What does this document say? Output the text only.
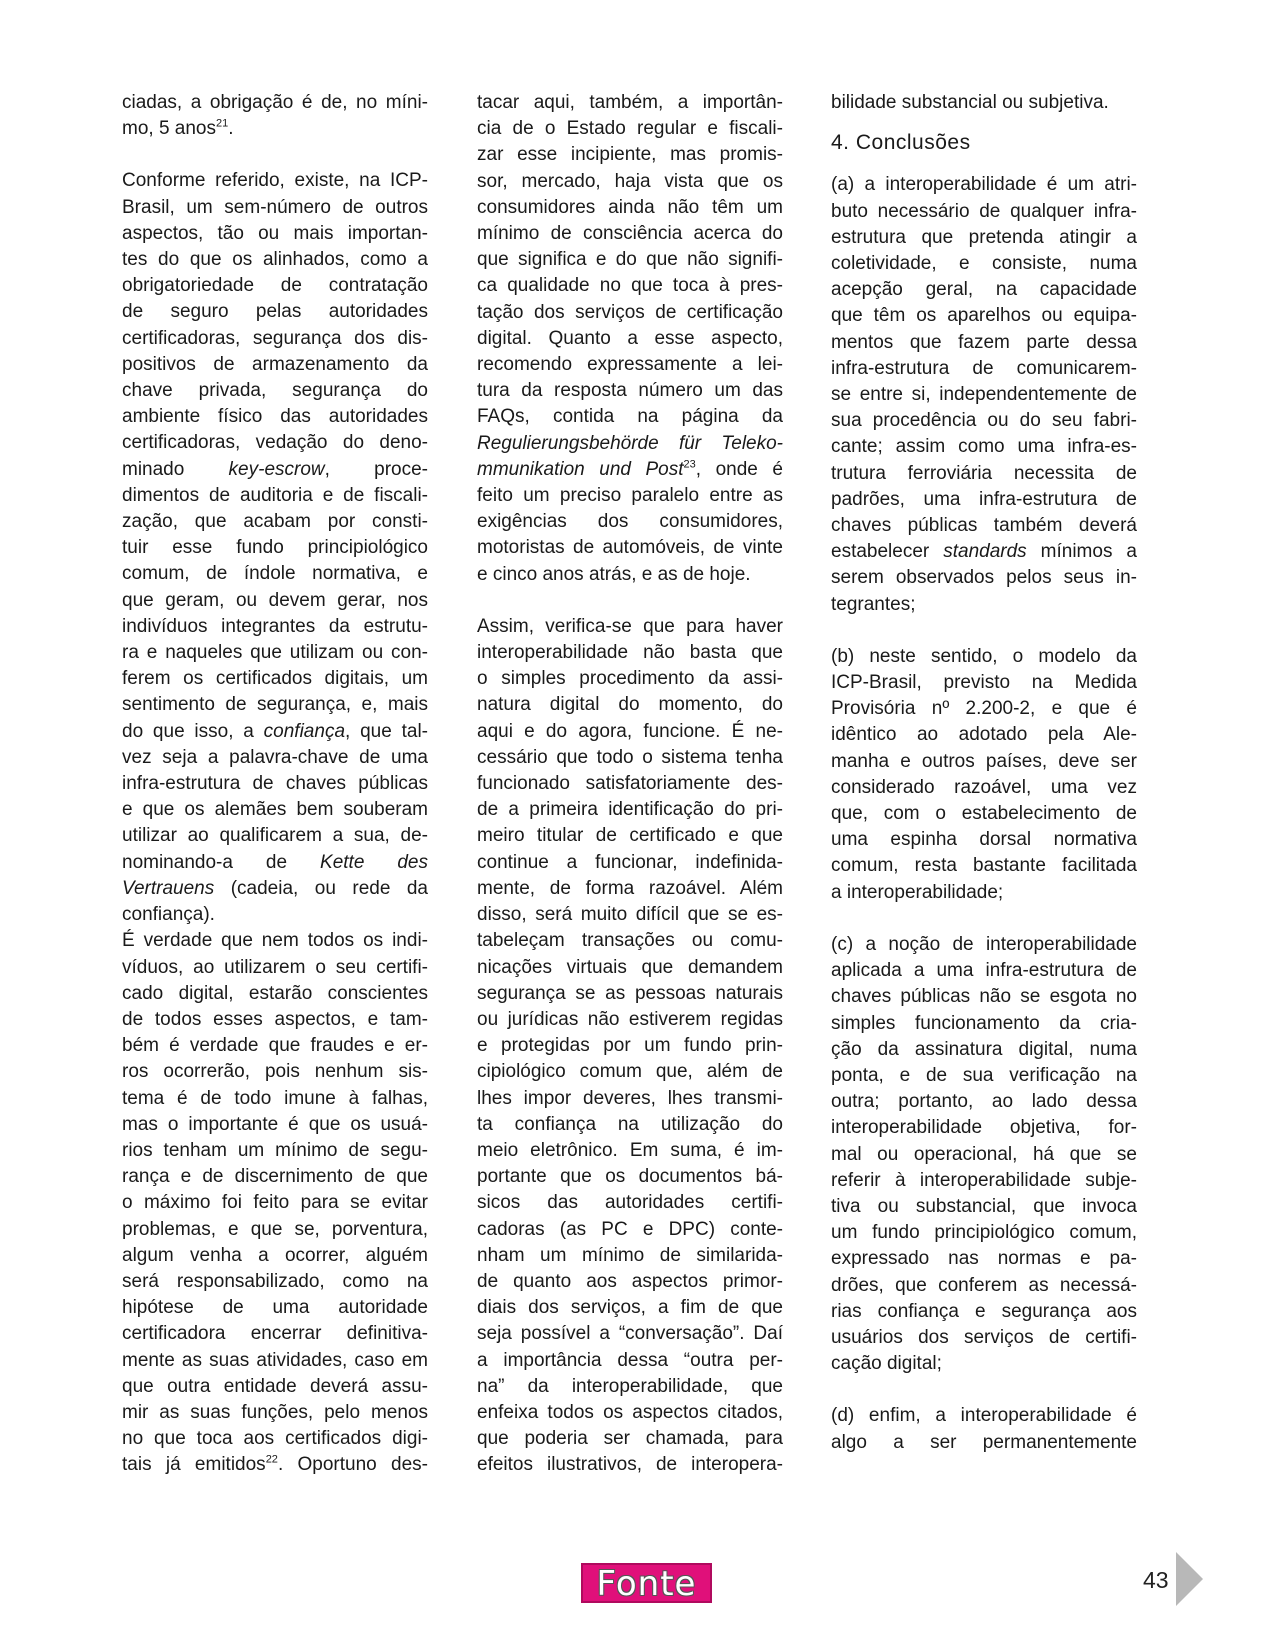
ciadas, a obrigação é de, no míni-
mo, 5 anos$^{21}$.
Conforme referido, existe, na ICP-
Brasil, um sem-número de outros
aspectos, tão ou mais importan-
tes do que os alinhados, como a
obrigatoriedade de contratação
de seguro pelas autoridades
certificadoras, segurança dos dis-
positivos de armazenamento da
chave privada, segurança do
ambiente físico das autoridades
certificadoras, vedação do deno-
minado key-escrow, proce-
dimentos de auditoria e de fiscali-
zação, que acabam por consti-
tuir esse fundo principiológico
comum, de índole normativa, e
que geram, ou devem gerar, nos
indivíduos integrantes da estrutu-
ra e naqueles que utilizam ou con-
ferem os certificados digitais, um
sentimento de segurança, e, mais
do que isso, a confiança, que tal-
vez seja a palavra-chave de uma
infra-estrutura de chaves públicas
e que os alemães bem souberam
utilizar ao qualificarem a sua, de-
nominando-a de Kette des
Vertrauens (cadeia, ou rede da
confiança).
É verdade que nem todos os indi-
víduos, ao utilizarem o seu certifi-
cado digital, estarão conscientes
de todos esses aspectos, e tam-
bém é verdade que fraudes e er-
ros ocorrerão, pois nenhum sis-
tema é de todo imune à falhas,
mas o importante é que os usuá-
rios tenham um mínimo de segu-
rança e de discernimento de que
o máximo foi feito para se evitar
problemas, e que se, porventura,
algum venha a ocorrer, alguém
será responsabilizado, como na
hipótese de uma autoridade
certificadora encerrar definitiva-
mente as suas atividades, caso em
que outra entidade deverá assu-
mir as suas funções, pelo menos
no que toca aos certificados digi-
tais já emitidos$^{22}$. Oportuno des-
tacar aqui, também, a importân-
cia de o Estado regular e fiscali-
zar esse incipiente, mas promis-
sor, mercado, haja vista que os
consumidores ainda não têm um
mínimo de consciência acerca do
que significa e do que não signifi-
ca qualidade no que toca à pres-
tação dos serviços de certificação
digital. Quanto a esse aspecto,
recomendo expressamente a lei-
tura da resposta número um das
FAQs, contida na página da
Regulierungsbehörde für Teleko-
mmunikation und Post$^{23}$, onde é
feito um preciso paralelo entre as
exigências dos consumidores,
motoristas de automóveis, de vinte
e cinco anos atrás, e as de hoje.
Assim, verifica-se que para haver
interoperabilidade não basta que
o simples procedimento da assi-
natura digital do momento, do
aqui e do agora, funcione. É ne-
cessário que todo o sistema tenha
funcionado satisfatoriamente des-
de a primeira identificação do pri-
meiro titular de certificado e que
continue a funcionar, indefinida-
mente, de forma razoável. Além
disso, será muito difícil que se es-
tabeleçam transações ou comu-
nicações virtuais que demandem
segurança se as pessoas naturais
ou jurídicas não estiverem regidas
e protegidas por um fundo prin-
cipiológico comum que, além de
lhes impor deveres, lhes transmi-
ta confiança na utilização do
meio eletrônico. Em suma, é im-
portante que os documentos bá-
sicos das autoridades certifi-
cadoras (as PC e DPC) conte-
nham um mínimo de similarida-
de quanto aos aspectos primor-
diais dos serviços, a fim de que
seja possível a “conversação”. Daí
a importância dessa “outra per-
na” da interoperabilidade, que
enfeixa todos os aspectos citados,
que poderia ser chamada, para
efeitos ilustrativos, de interopera-
bilidade substancial ou subjetiva.
4. Conclusões
(a) a interoperabilidade é um atri-
buto necessário de qualquer infra-
estrutura que pretenda atingir a
coletividade, e consiste, numa
acepção geral, na capacidade
que têm os aparelhos ou equipa-
mentos que fazem parte dessa
infra-estrutura de comunicarem-
se entre si, independentemente de
sua procedência ou do seu fabri-
cante; assim como uma infra-es-
trutura ferroviária necessita de
padrões, uma infra-estrutura de
chaves públicas também deverá
estabelecer standards mínimos a
serem observados pelos seus in-
tegrantes;
(b) neste sentido, o modelo da
ICP-Brasil, previsto na Medida
Provisória nº 2.200-2, e que é
idêntico ao adotado pela Ale-
manha e outros países, deve ser
considerado razoável, uma vez
que, com o estabelecimento de
uma espinha dorsal normativa
comum, resta bastante facilitada
a interoperabilidade;
(c) a noção de interoperabilidade
aplicada a uma infra-estrutura de
chaves públicas não se esgota no
simples funcionamento da cria-
ção da assinatura digital, numa
ponta, e de sua verificação na
outra; portanto, ao lado dessa
interoperabilidade objetiva, for-
mal ou operacional, há que se
referir à interoperabilidade subje-
tiva ou substancial, que invoca
um fundo principiológico comum,
expressado nas normas e pa-
drões, que conferem as necessá-
rias confiança e segurança aos
usuários dos serviços de certifi-
cação digital;
(d) enfim, a interoperabilidade é
algo a ser permanentemente
Fonte	43
